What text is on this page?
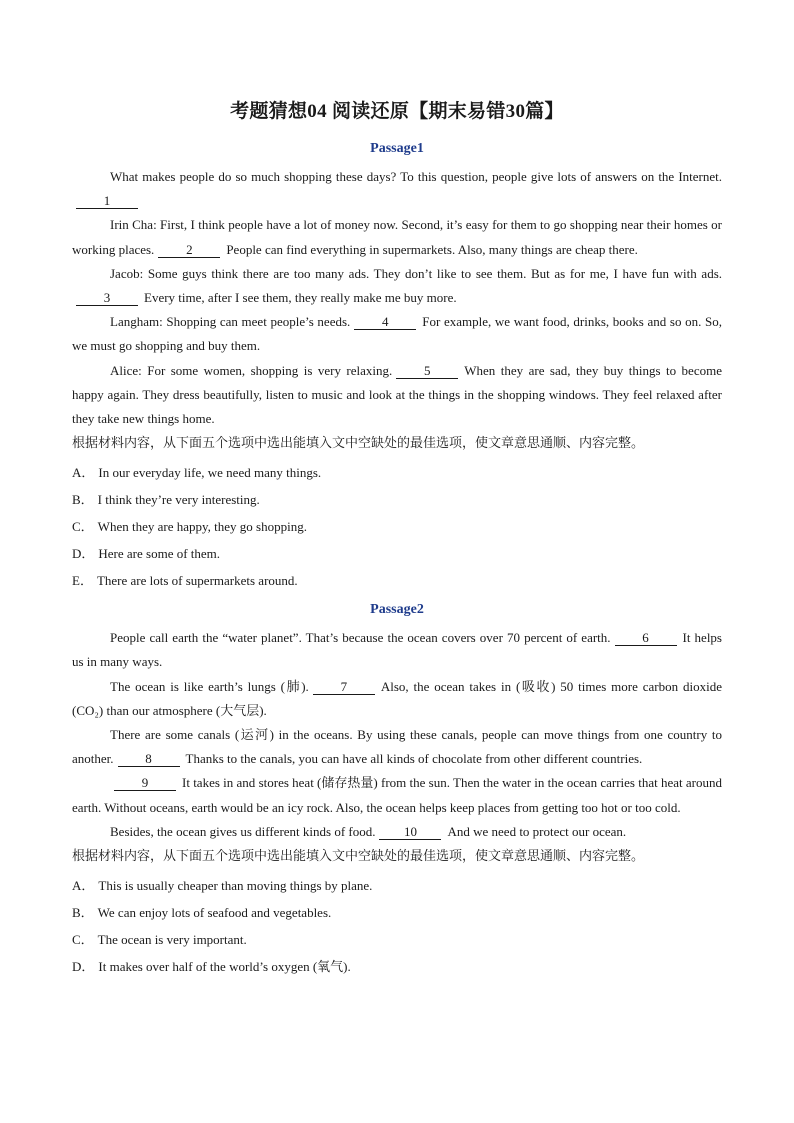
考题猜想04 阅读还原【期末易错30篇】
Passage1

What makes people do so much shopping these days? To this question, people give lots of answers on the Internet.1

Irin Cha: First, I think people have a lot of money now. Second, it’s easy for them to go shopping near their homes or working places. 2	People can find everything in supermarkets. Also, many things are cheap there.

Jacob: Some guys think there are too many ads. They don’t like to see them. But as for me, I have fun with ads.3	Every time, after I see them, they really make me buy more.

Langham: Shopping can meet people’s needs. 4	For example, we want food, drinks, books and so on. So, we must go shopping and buy them.

Alice: For some women, shopping is very relaxing. 5	When they are sad, they buy things to become happy again. They dress beautifully, listen to music and look at the things in the shopping windows. They feel relaxed after they take new things home.

根据材料内容，从下面五个选项中选出能填入文中空缺处的最佳选项，使文章意思通顺、内容完整。
A． In our everyday life, we need many things.
B． I think they’re very interesting.
C． When they are happy, they go shopping.
D． Here are some of them.
E． There are lots of supermarkets around.
Passage2

People call earth the “water planet”. That’s because the ocean covers over 70 percent of earth. 6	It helps us in many ways.

The ocean is like earth’s lungs (肺). 7	Also, the ocean takes in (吸收) 50 times more carbon dioxide (CO₂) than our atmosphere (大气层).

There are some canals (运河) in the oceans. By using these canals, people can move things from one country to another. 8	Thanks to the canals, you can have all kinds of chocolate from other different countries.

9	It takes in and stores heat (储存热量) from the sun. Then the water in the ocean carries that heat around earth. Without oceans, earth would be an icy rock. Also, the ocean helps keep places from getting too hot or too cold.

Besides, the ocean gives us different kinds of food. 10 And we need to protect our ocean.

根据材料内容，从下面五个选项中选出能填入文中空缺处的最佳选项，使文章意思通顺、内容完整。
A． This is usually cheaper than moving things by plane.
B． We can enjoy lots of seafood and vegetables.
C． The ocean is very important.
D． It makes over half of the world’s oxygen (氧气).
